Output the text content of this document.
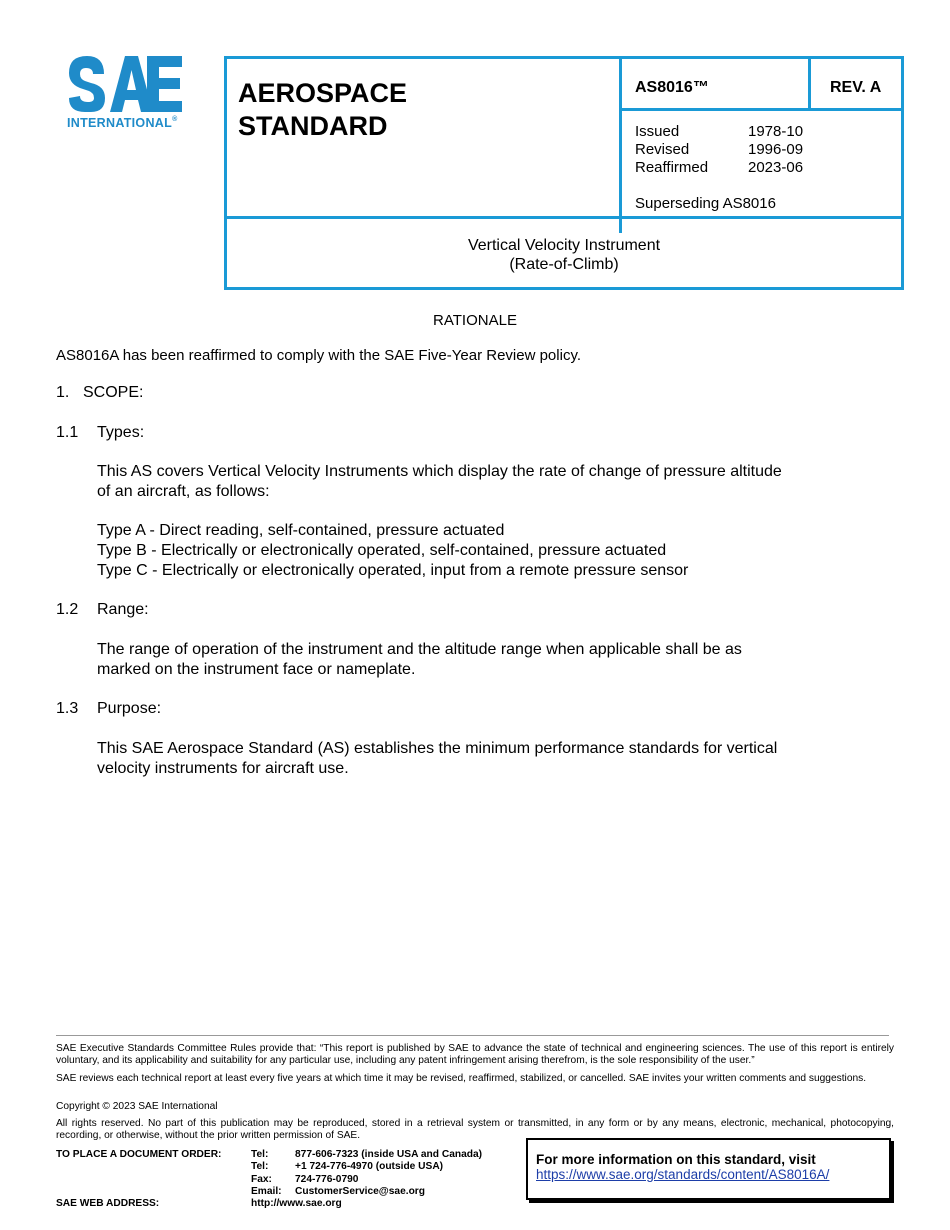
INTERNATIONAL®
AEROSPACE
STANDARD
AS8016™	REV. A
Issued	1978-10
Revised	1996-09
Reaffirmed	2023-06
Superseding AS8016
Vertical Velocity Instrument
(Rate-of-Climb)
RATIONALE
AS8016A has been reaffirmed to comply with the SAE Five-Year Review policy.
1. SCOPE:
1.1 Types:
This AS covers Vertical Velocity Instruments which display the rate of change of pressure altitude
of an aircraft, as follows:
Type A - Direct reading, self-contained, pressure actuated
Type B - Electrically or electronically operated, self-contained, pressure actuated
Type C - Electrically or electronically operated, input from a remote pressure sensor
1.2 Range:
The range of operation of the instrument and the altitude range when applicable shall be as
marked on the instrument face or nameplate.
1.3 Purpose:
This SAE Aerospace Standard (AS) establishes the minimum performance standards for vertical
velocity instruments for aircraft use.
SAE Executive Standards Committee Rules provide that: “This report is published by SAE to advance the state of technical and engineering sciences. The use of this report is entirely voluntary, and its applicability and suitability for any particular use, including any patent infringement arising therefrom, is the sole responsibility of the user.”
SAE reviews each technical report at least every five years at which time it may be revised, reaffirmed, stabilized, or cancelled. SAE invites your written comments and suggestions.
Copyright © 2023 SAE International
All rights reserved. No part of this publication may be reproduced, stored in a retrieval system or transmitted, in any form or by any means, electronic, mechanical, photocopying, recording, or otherwise, without the prior written permission of SAE.
TO PLACE A DOCUMENT ORDER:	Tel:	877-606-7323 (inside USA and Canada)
Tel:	+1 724-776-4970 (outside USA)
Fax:	724-776-0790
Email:	CustomerService@sae.org
SAE WEB ADDRESS:	http://www.sae.org
For more information on this standard, visit
https://www.sae.org/standards/content/AS8016A/
